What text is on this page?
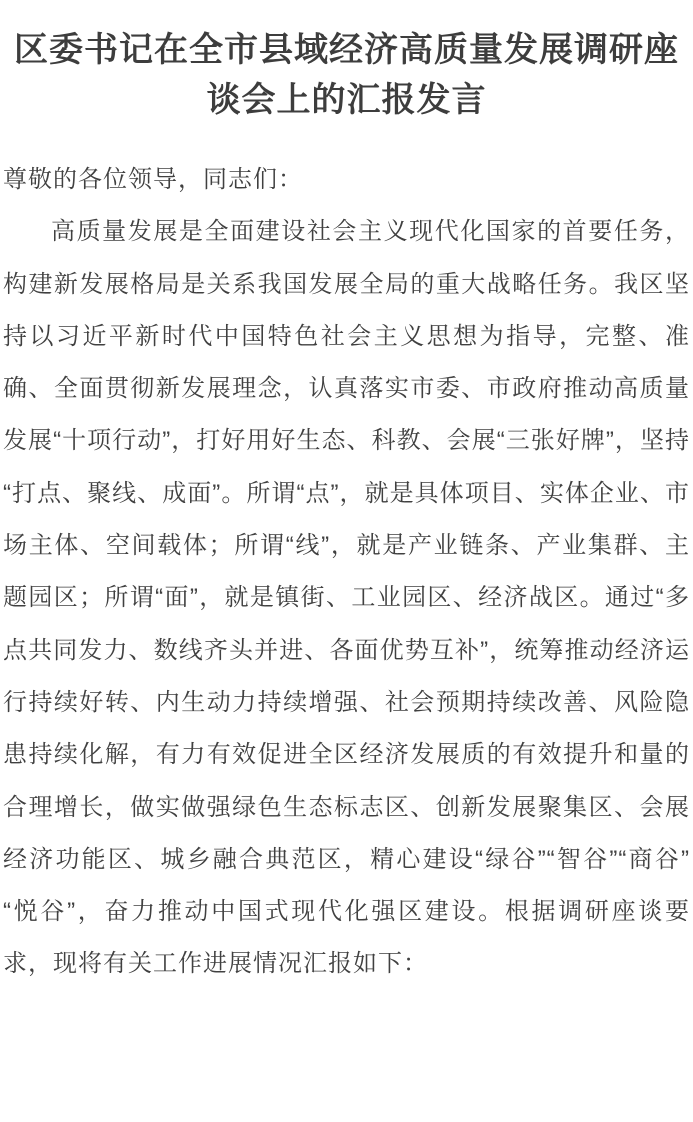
区委书记在全市县域经济高质量发展调研座谈会上的汇报发言

尊敬的各位领导，同志们：

高质量发展是全面建设社会主义现代化国家的首要任务，构建新发展格局是关系我国发展全局的重大战略任务。我区坚持以习近平新时代中国特色社会主义思想为指导，完整、准确、全面贯彻新发展理念，认真落实市委、市政府推动高质量发展“十项行动”，打好用好生态、科教、会展“三张好牌”，坚持“打点、聚线、成面”。所谓“点”，就是具体项目、实体企业、市场主体、空间载体；所谓“线”，就是产业链条、产业集群、主题园区；所谓“面”，就是镇街、工业园区、经济战区。通过“多点共同发力、数线齐头并进、各面优势互补”，统筹推动经济运行持续好转、内生动力持续增强、社会预期持续改善、风险隐患持续化解，有力有效促进全区经济发展质的有效提升和量的合理增长，做实做强绿色生态标志区、创新发展聚集区、会展经济功能区、城乡融合典范区，精心建设“绿谷”“智谷”“商谷”“悦谷”，奋力推动中国式现代化强区建设。根据调研座谈要求，现将有关工作进展情况汇报如下：
